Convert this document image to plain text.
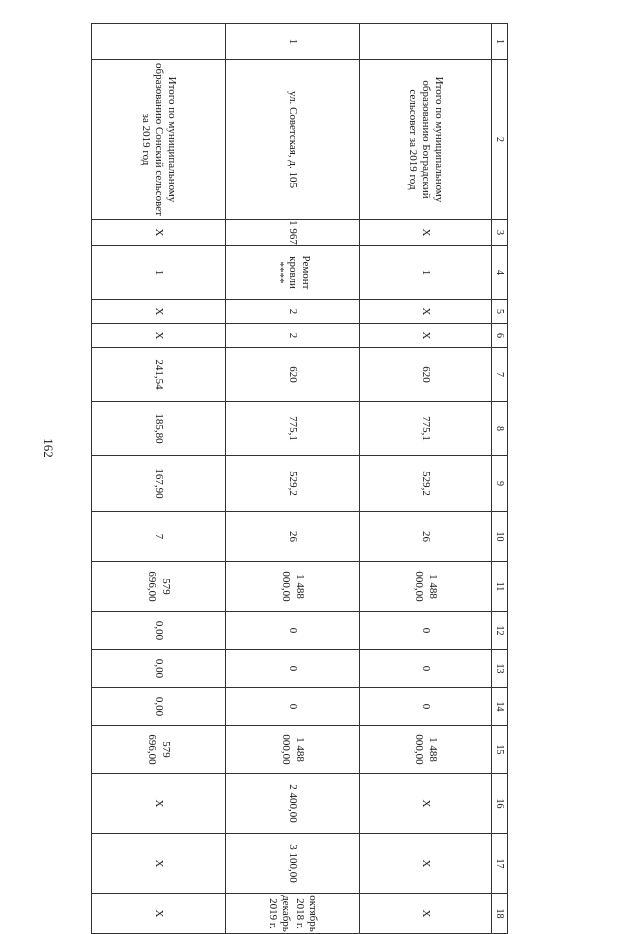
162
1	2	3	4	5	6	7	8	9	10	11	12	13	14	15	16	17	18
	Итого по муниципальному образованию Боградский сельсовет за 2019 год	X	1	X	X	620	775,1	529,2	26	1 488 000,00	0	0	0	1 488 000,00	X	X	X
1	ул. Советская, д. 105	1 967	Ремонт кровли ****	2	2	620	775,1	529,2	26	1 488 000,00	0	0	0	1 488 000,00	2 400,00	3 100,00	октябрь 2018 г. декабрь 2019 г.
	Итого по муниципальному образованию Сонский сельсовет за 2019 год	X	1	X	X	241,54	185,80	167,90	7	579 696,00	0,00	0,00	0,00	579 696,00	X	X	X
